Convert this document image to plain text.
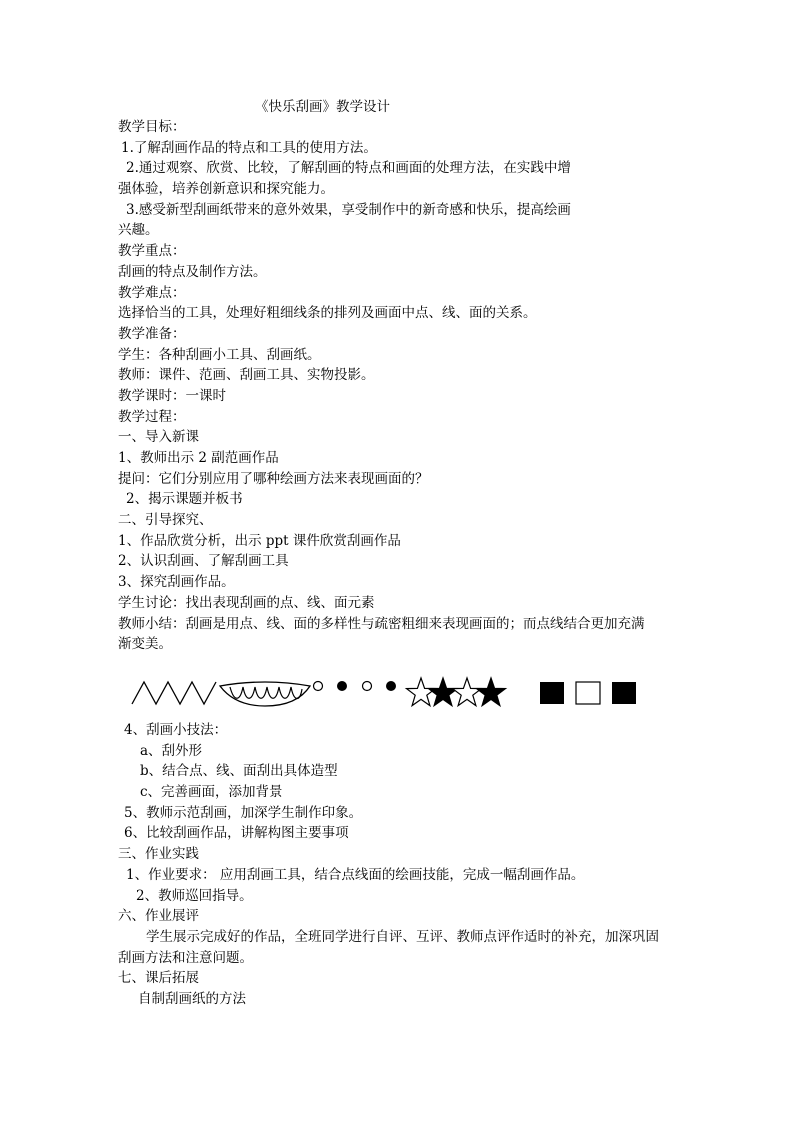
《快乐刮画》教学设计
教学目标：
1.了解刮画作品的特点和工具的使用方法。
2.通过观察、欣赏、比较，了解刮画的特点和画面的处理方法，在实践中增
强体验，培养创新意识和探究能力。
3.感受新型刮画纸带来的意外效果，享受制作中的新奇感和快乐，提高绘画
兴趣。
教学重点：
刮画的特点及制作方法。
教学难点：
选择恰当的工具，处理好粗细线条的排列及画面中点、线、面的关系。
教学准备：
学生：各种刮画小工具、刮画纸。
教师：课件、范画、刮画工具、实物投影。
教学课时：一课时
教学过程：
一、导入新课
1、教师出示 2 副范画作品
提问：它们分别应用了哪种绘画方法来表现画面的？
2、揭示课题并板书
二、引导探究、
1、作品欣赏分析，出示 ppt 课件欣赏刮画作品
2、认识刮画、了解刮画工具
3、探究刮画作品。
学生讨论：找出表现刮画的点、线、面元素
教师小结：刮画是用点、线、面的多样性与疏密粗细来表现画面的；而点线结合更加充满
渐变美。
4、刮画小技法：
a、刮外形
b、结合点、线、面刮出具体造型
c、完善画面，添加背景
5、教师示范刮画，加深学生制作印象。
6、比较刮画作品，讲解构图主要事项
三、作业实践
1、作业要求： 应用刮画工具，结合点线面的绘画技能，完成一幅刮画作品。
2、教师巡回指导。
六、作业展评
学生展示完成好的作品，全班同学进行自评、互评、教师点评作适时的补充，加深巩固
刮画方法和注意问题。
七、课后拓展
自制刮画纸的方法
